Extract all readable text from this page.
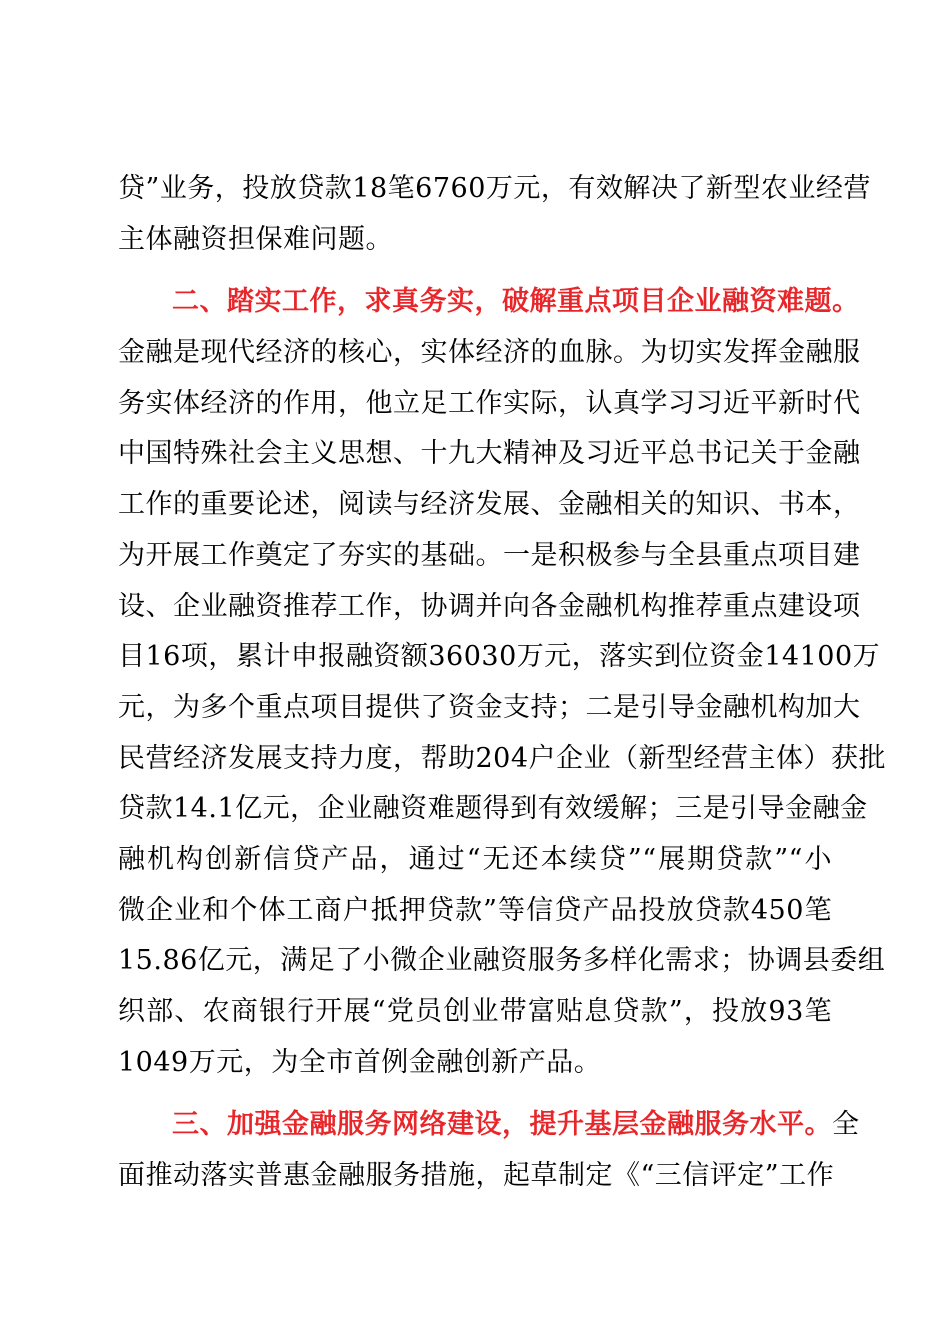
贷”业务，投放贷款18笔6760万元，有效解决了新型农业经营
主体融资担保难问题。
二、踏实工作，求真务实，破解重点项目企业融资难题。
金融是现代经济的核心，实体经济的血脉。为切实发挥金融服
务实体经济的作用，他立足工作实际，认真学习习近平新时代
中国特殊社会主义思想、十九大精神及习近平总书记关于金融
工作的重要论述，阅读与经济发展、金融相关的知识、书本，
为开展工作奠定了夯实的基础。一是积极参与全县重点项目建
设、企业融资推荐工作，协调并向各金融机构推荐重点建设项
目16项，累计申报融资额36030万元，落实到位资金14100万
元，为多个重点项目提供了资金支持；二是引导金融机构加大
民营经济发展支持力度，帮助204户企业（新型经营主体）获批
贷款14.1亿元，企业融资难题得到有效缓解；三是引导金融金
融机构创新信贷产品，通过“无还本续贷”“展期贷款”“小
微企业和个体工商户抵押贷款”等信贷产品投放贷款450笔
15.86亿元，满足了小微企业融资服务多样化需求；协调县委组
织部、农商银行开展“党员创业带富贴息贷款”，投放93笔
1049万元，为全市首例金融创新产品。
三、加强金融服务网络建设，提升基层金融服务水平。全
面推动落实普惠金融服务措施，起草制定《“三信评定”工作
